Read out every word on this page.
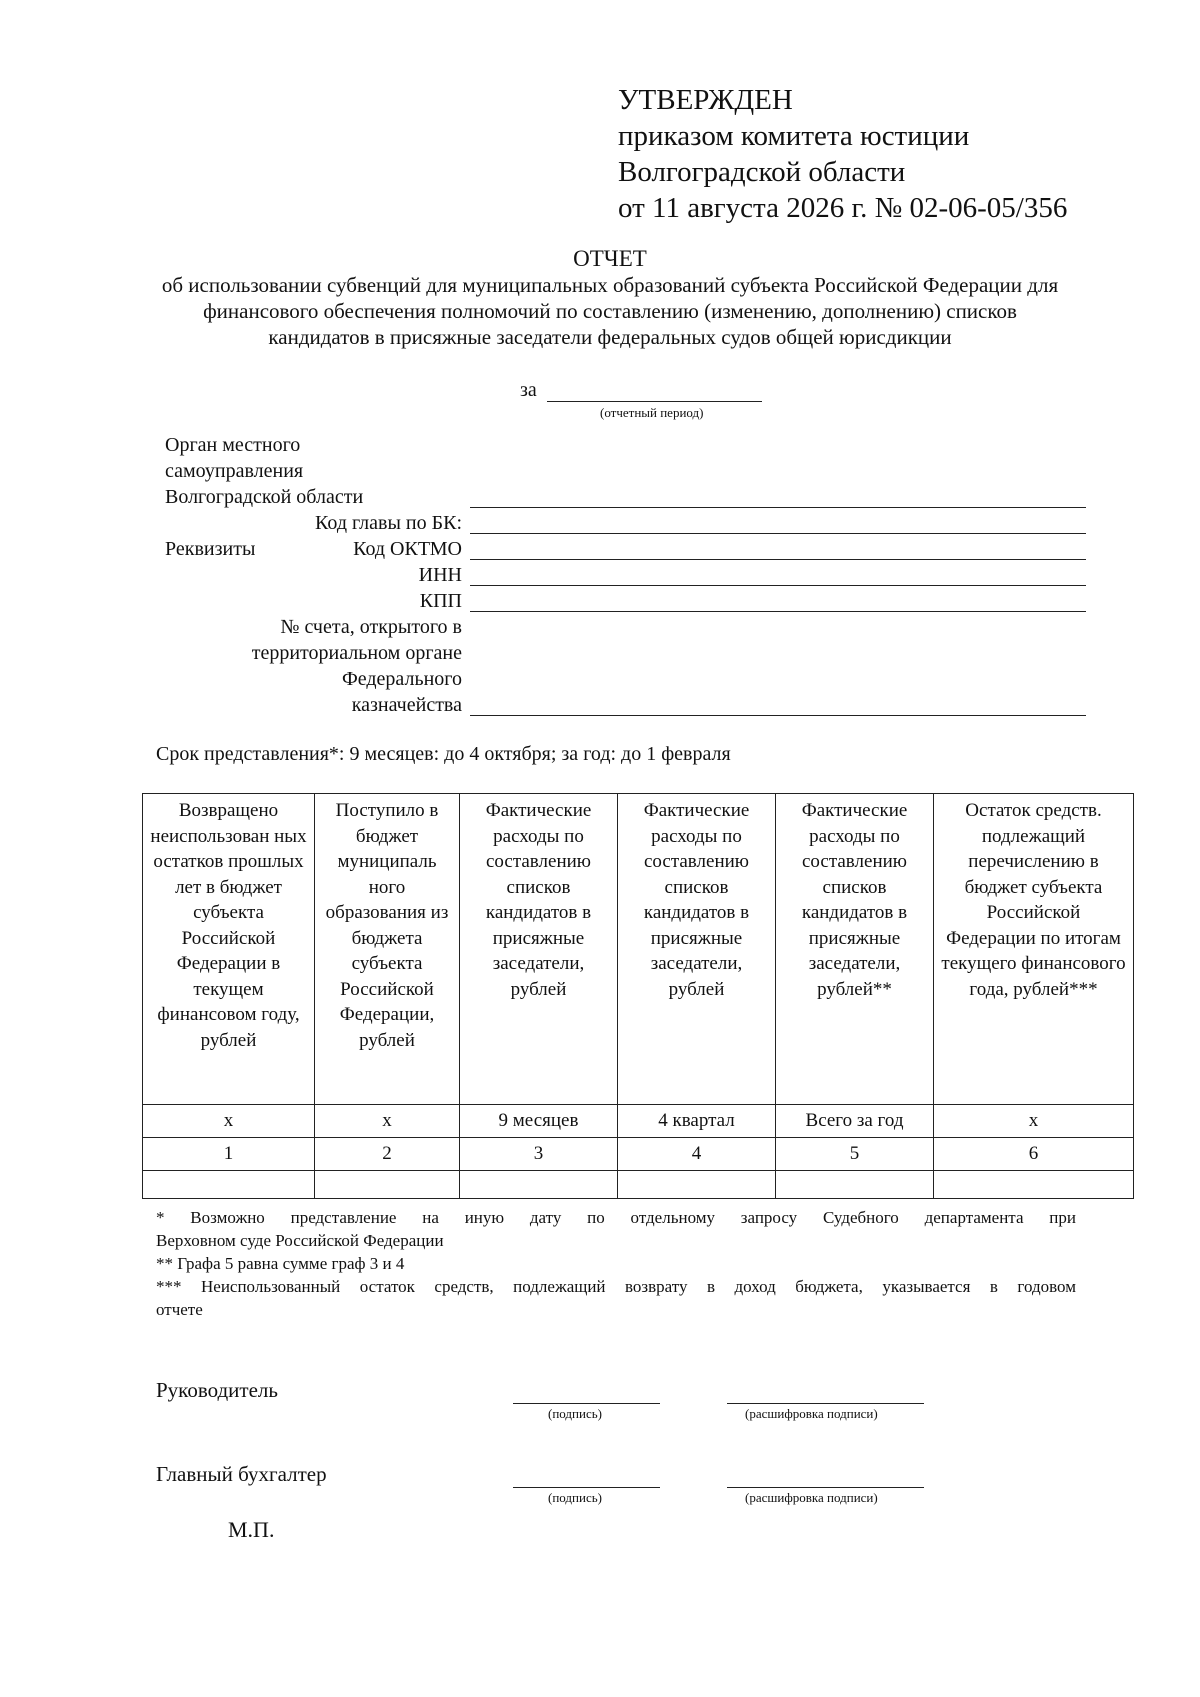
УТВЕРЖДЕН
приказом комитета юстиции
Волгоградской области
от 11 августа 2026 г. № 02-06-05/356
ОТЧЕТ
об использовании субвенций для муниципальных образований субъекта Российской Федерации для финансового обеспечения полномочий по составлению (изменению, дополнению) списков кандидатов в присяжные заседатели федеральных судов общей юрисдикции
за
(отчетный период)
Орган местного
самоуправления
Волгоградской области
Код главы по БК:
Реквизиты	Код ОКТМО
ИНН
КПП
№ счета, открытого в
территориальном органе
Федерального
казначейства
Срок представления*: 9 месяцев: до 4 октября; за год: до 1 февраля
Возвращено неиспользован ных остатков прошлых лет в бюджет субъекта Российской Федерации в текущем финансовом году, рублей	Поступило в бюджет муниципаль ного образования из бюджета субъекта Российской Федерации, рублей	Фактические расходы по составлению списков кандидатов в присяжные заседатели, рублей	Фактические расходы по составлению списков кандидатов в присяжные заседатели, рублей	Фактические расходы по составлению списков кандидатов в присяжные заседатели, рублей**	Остаток средств. подлежащий перечислению в бюджет субъекта Российской Федерации по итогам текущего финансового года, рублей***
х	х	9 месяцев	4 квартал	Всего за год	х
1	2	3	4	5	6

* Возможно представление на иную дату по отдельному запросу Судебного департамента при
Верховном суде Российской Федерации
** Графа 5 равна сумме граф 3 и 4
*** Неиспользованный остаток средств, подлежащий возврату в доход бюджета, указывается в годовом
отчете
Руководитель
(подпись)	(расшифровка подписи)
Главный бухгалтер
(подпись)	(расшифровка подписи)
М.П.
